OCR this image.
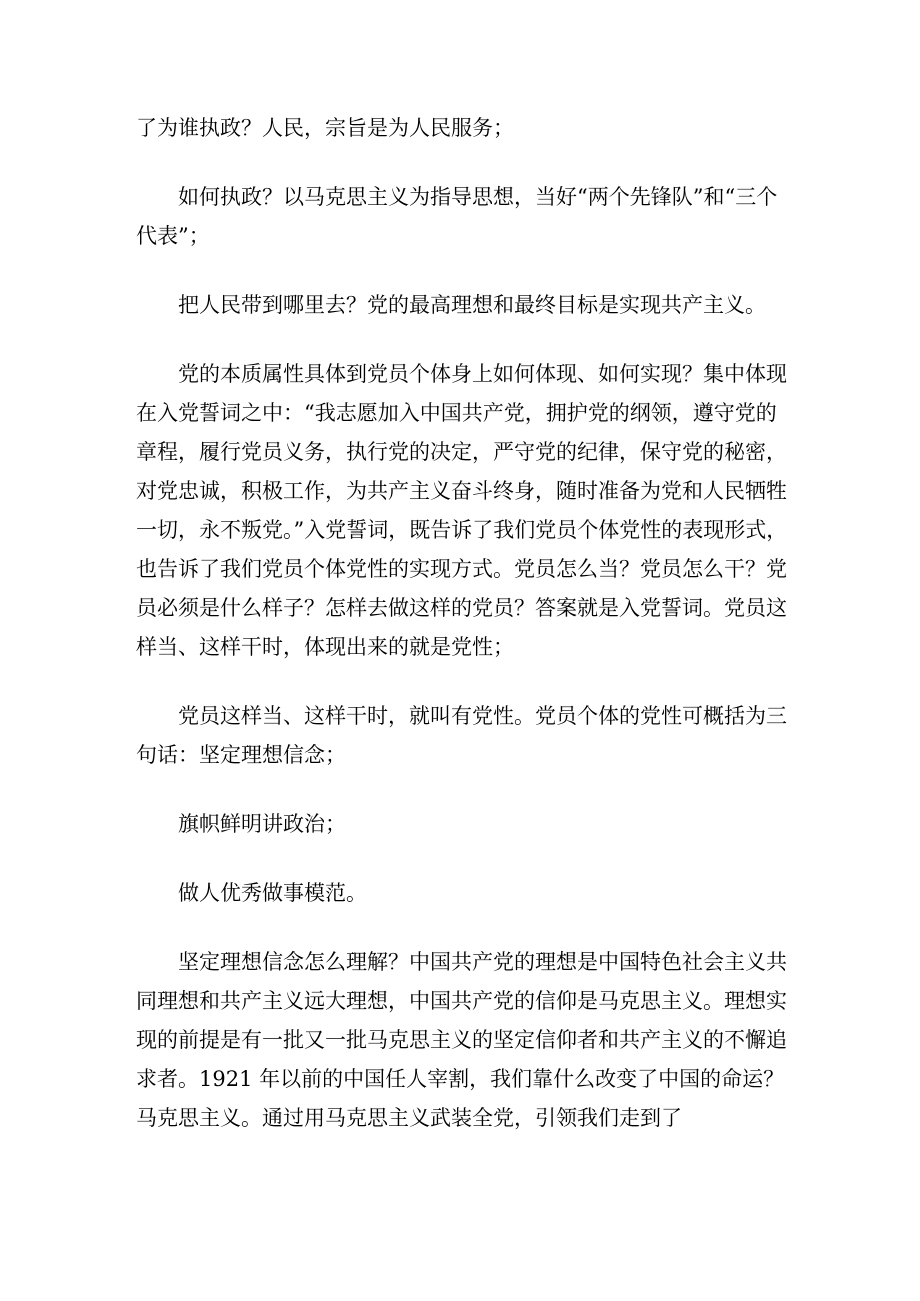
了为谁执政？人民，宗旨是为人民服务；

如何执政？以马克思主义为指导思想，当好“两个先锋队”和“三个代表”；

把人民带到哪里去？党的最高理想和最终目标是实现共产主义。

党的本质属性具体到党员个体身上如何体现、如何实现？集中体现在入党誓词之中：“我志愿加入中国共产党，拥护党的纲领，遵守党的章程，履行党员义务，执行党的决定，严守党的纪律，保守党的秘密，对党忠诚，积极工作，为共产主义奋斗终身，随时准备为党和人民牺牲一切，永不叛党。”入党誓词，既告诉了我们党员个体党性的表现形式，也告诉了我们党员个体党性的实现方式。党员怎么当？党员怎么干？党员必须是什么样子？怎样去做这样的党员？答案就是入党誓词。党员这样当、这样干时，体现出来的就是党性；

党员这样当、这样干时，就叫有党性。党员个体的党性可概括为三句话：坚定理想信念；

旗帜鲜明讲政治；

做人优秀做事模范。

坚定理想信念怎么理解？中国共产党的理想是中国特色社会主义共同理想和共产主义远大理想，中国共产党的信仰是马克思主义。理想实现的前提是有一批又一批马克思主义的坚定信仰者和共产主义的不懈追求者。1921 年以前的中国任人宰割，我们靠什么改变了中国的命运？马克思主义。通过用马克思主义武装全党，引领我们走到了
